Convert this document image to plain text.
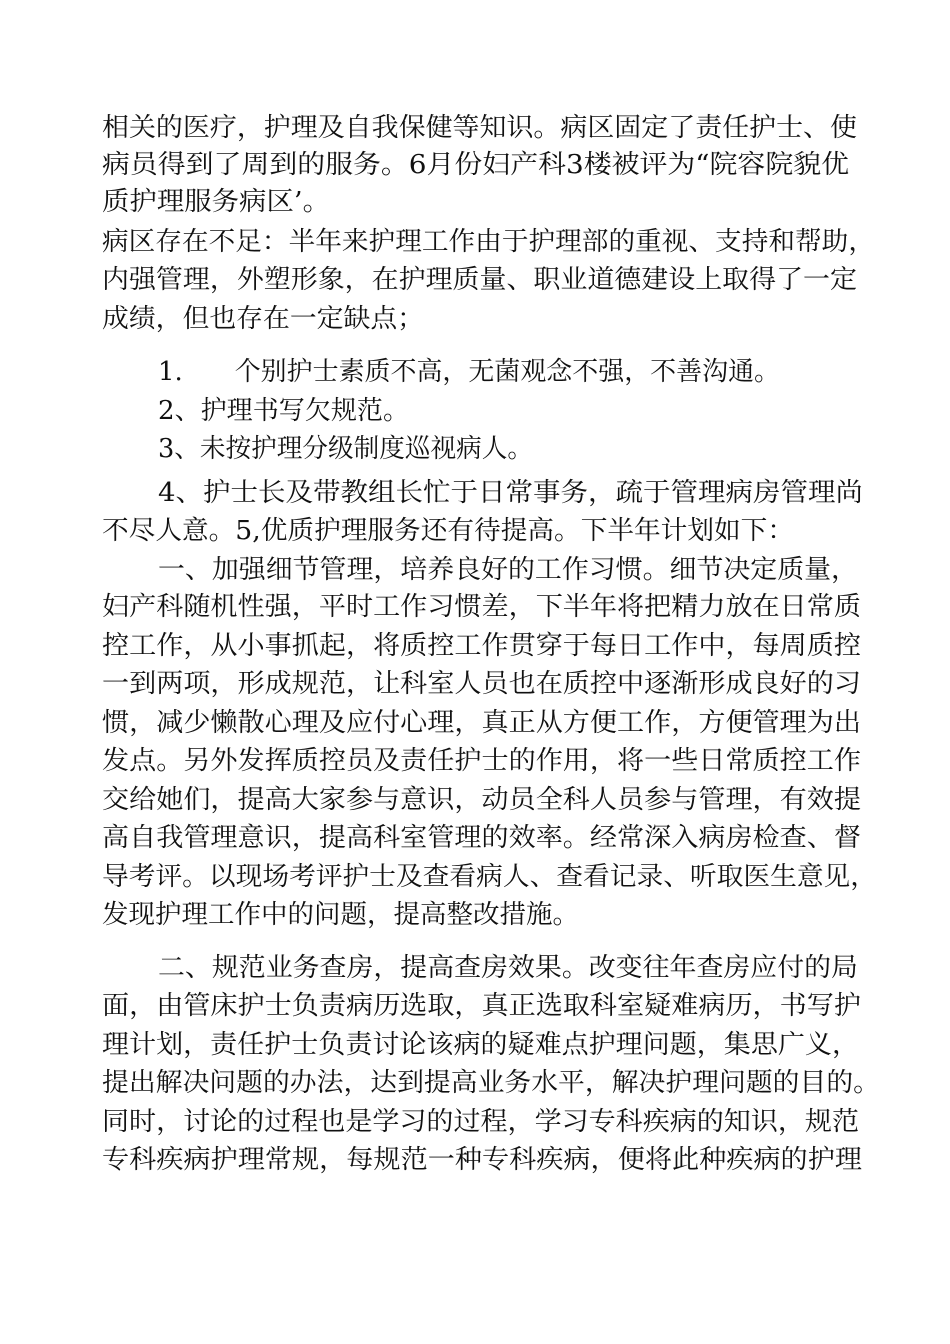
相关的医疗，护理及自我保健等知识。病区固定了责任护士、使
病员得到了周到的服务。6月份妇产科3楼被评为“院容院貌优
质护理服务病区’。
病区存在不足：半年来护理工作由于护理部的重视、支持和帮助，
内强管理，外塑形象，在护理质量、职业道德建设上取得了一定
成绩，但也存在一定缺点；
1.　　个别护士素质不高，无菌观念不强，不善沟通。
2、护理书写欠规范。
3、未按护理分级制度巡视病人。
4、护士长及带教组长忙于日常事务，疏于管理病房管理尚
不尽人意。5,优质护理服务还有待提高。下半年计划如下：
一、加强细节管理，培养良好的工作习惯。细节决定质量，
妇产科随机性强，平时工作习惯差，下半年将把精力放在日常质
控工作，从小事抓起，将质控工作贯穿于每日工作中，每周质控
一到两项，形成规范，让科室人员也在质控中逐渐形成良好的习
惯，减少懒散心理及应付心理，真正从方便工作，方便管理为出
发点。另外发挥质控员及责任护士的作用，将一些日常质控工作
交给她们，提高大家参与意识，动员全科人员参与管理，有效提
高自我管理意识，提高科室管理的效率。经常深入病房检查、督
导考评。以现场考评护士及查看病人、查看记录、听取医生意见，
发现护理工作中的问题，提高整改措施。
二、规范业务查房，提高查房效果。改变往年查房应付的局
面，由管床护士负责病历选取，真正选取科室疑难病历，书写护
理计划，责任护士负责讨论该病的疑难点护理问题，集思广义，
提出解决问题的办法，达到提高业务水平，解决护理问题的目的。
同时，讨论的过程也是学习的过程，学习专科疾病的知识，规范
专科疾病护理常规，每规范一种专科疾病，便将此种疾病的护理
